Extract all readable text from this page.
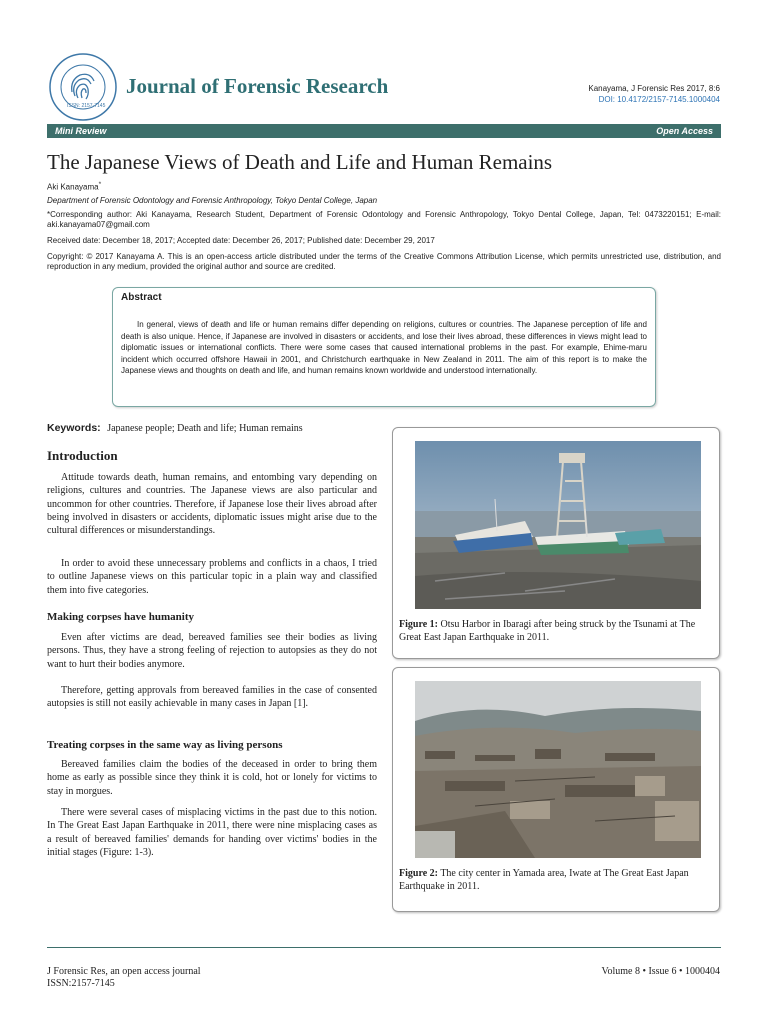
ISSN: 2157-7145
Journal of Forensic Research	Kanayama, J Forensic Res 2017, 8:6
DOI: 10.4172/2157-7145.1000404
Mini Review	Open Access
The Japanese Views of Death and Life and Human Remains
Aki Kanayama*
Department of Forensic Odontology and Forensic Anthropology, Tokyo Dental College, Japan
*Corresponding author: Aki Kanayama, Research Student, Department of Forensic Odontology and Forensic Anthropology, Tokyo Dental College, Japan, Tel: 0473220151; E-mail: aki.kanayama07@gmail.com
Received date: December 18, 2017; Accepted date: December 26, 2017; Published date: December 29, 2017
Copyright: © 2017 Kanayama A. This is an open-access article distributed under the terms of the Creative Commons Attribution License, which permits unrestricted use, distribution, and reproduction in any medium, provided the original author and source are credited.
Abstract

In general, views of death and life or human remains differ depending on religions, cultures or countries. The Japanese perception of life and death is also unique. Hence, if Japanese are involved in disasters or accidents, and lose their lives abroad, these differences in views might lead to diplomatic issues or international conflicts. There were some cases that caused international problems in the past. For example, Ehime-maru incident which occurred offshore Hawaii in 2001, and Christchurch earthquake in New Zealand in 2011. The aim of this report is to make the Japanese views and thoughts on death and life, and human remains known worldwide and understood internationally.

Keywords: Japanese people; Death and life; Human remains
Introduction

Attitude towards death, human remains, and entombing vary depending on religions, cultures and countries. The Japanese views are also particular and uncommon for other countries. Therefore, if Japanese lose their lives abroad after being involved in disasters or accidents, diplomatic issues might arise due to the cultural differences or misunderstandings.

In order to avoid these unnecessary problems and conflicts in a chaos, I tried to outline Japanese views on this particular topic in a plain way and classified them into five categories.

Making corpses have humanity

Even after victims are dead, bereaved families see their bodies as living persons. Thus, they have a strong feeling of rejection to autopsies as they do not want to hurt their bodies anymore.

Therefore, getting approvals from bereaved families in the case of consented autopsies is still not easily achievable in many cases in Japan [1].

Treating corpses in the same way as living persons

Bereaved families claim the bodies of the deceased in order to bring them home as early as possible since they think it is cold, hot or lonely for victims to stay in morgues.

There were several cases of misplacing victims in the past due to this notion. In The Great East Japan Earthquake in 2011, there were nine misplacing cases as a result of bereaved families' demands for handing over victims' bodies in the initial stages (Figure: 1-3).

Figure 1: Otsu Harbor in Ibaragi after being struck by the Tsunami at The Great East Japan Earthquake in 2011.
Figure 2: The city center in Yamada area, Iwate at The Great East Japan Earthquake in 2011.
J Forensic Res, an open access journal
ISSN:2157-7145
Volume 8 • Issue 6 • 1000404
